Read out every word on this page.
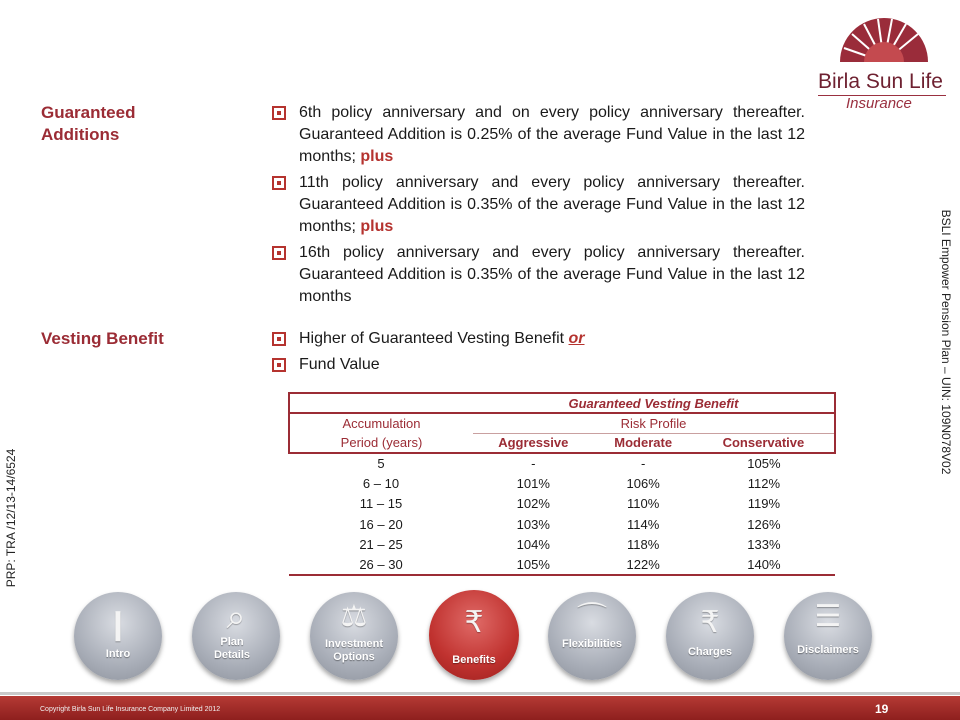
Birla Sun Life
Insurance
Guaranteed
Additions
6th policy anniversary and on every policy anniversary thereafter. Guaranteed Addition is 0.25% of the average Fund Value in the last 12 months; plus
11th policy anniversary and every policy anniversary thereafter. Guaranteed Addition is 0.35% of the average Fund Value in the last 12 months; plus
16th policy anniversary and every policy anniversary thereafter. Guaranteed Addition is 0.35% of the average Fund Value in the last 12 months
Vesting Benefit	Higher of Guaranteed Vesting Benefit or
Fund Value
	Guaranteed Vesting Benefit		
Accumulation	Risk Profile		
Period (years)	Aggressive	Moderate	Conservative
5	-	-	105%
6 – 10	101%	106%	112%
11 – 15	102%	110%	119%
16 – 20	103%	114%	126%
21 – 25	104%	118%	133%
26 – 30	105%	122%	140%
BSLI Empower Pension Plan – UIN: 109N078V02
PRP: TRA /12/13-14/6524
❙
Intro
⌕
Plan Details
⚖
Investment Options
₹
Benefits
⌒
Flexibilities
₹
Charges
☰
Disclaimers
Copyright Birla Sun Life Insurance Company Limited 2012	19
